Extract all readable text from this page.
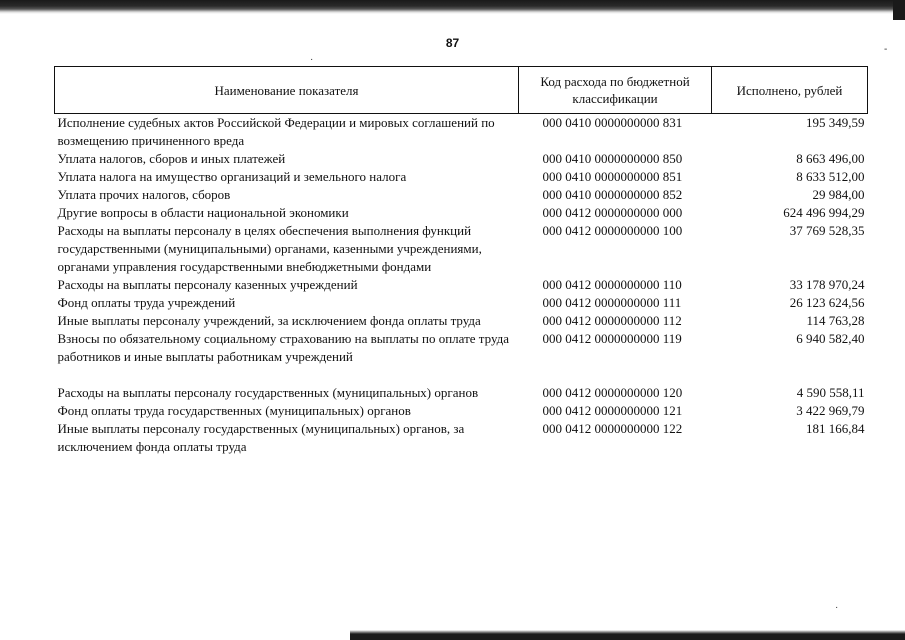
·
-
·
87
Наименование показателя	Код расхода по бюджетной классификации	Исполнено, рублей
Исполнение судебных актов Российской Федерации и мировых соглашений по возмещению причиненного вреда	000 0410 0000000000 831	195 349,59
Уплата налогов, сборов и иных платежей	000 0410 0000000000 850	8 663 496,00
Уплата налога на имущество организаций и земельного налога	000 0410 0000000000 851	8 633 512,00
Уплата прочих налогов, сборов	000 0410 0000000000 852	29 984,00
Другие вопросы в области национальной экономики	000 0412 0000000000 000	624 496 994,29
Расходы на выплаты персоналу в целях обеспечения выполнения функций государственными (муниципальными) органами, казенными учреждениями, органами управления государственными внебюджетными фондами	000 0412 0000000000 100	37 769 528,35
Расходы на выплаты персоналу казенных учреждений	000 0412 0000000000 110	33 178 970,24
Фонд оплаты труда учреждений	000 0412 0000000000 111	26 123 624,56
Иные выплаты персоналу учреждений, за исключением фонда оплаты труда	000 0412 0000000000 112	114 763,28
Взносы по обязательному социальному страхованию на выплаты по оплате труда работников и иные выплаты работникам учреждений	000 0412 0000000000 119	6 940 582,40
Расходы на выплаты персоналу государственных (муниципальных) органов	000 0412 0000000000 120	4 590 558,11
Фонд оплаты труда государственных (муниципальных) органов	000 0412 0000000000 121	3 422 969,79
Иные выплаты персоналу государственных (муниципальных) органов, за исключением фонда оплаты труда	000 0412 0000000000 122	181 166,84
